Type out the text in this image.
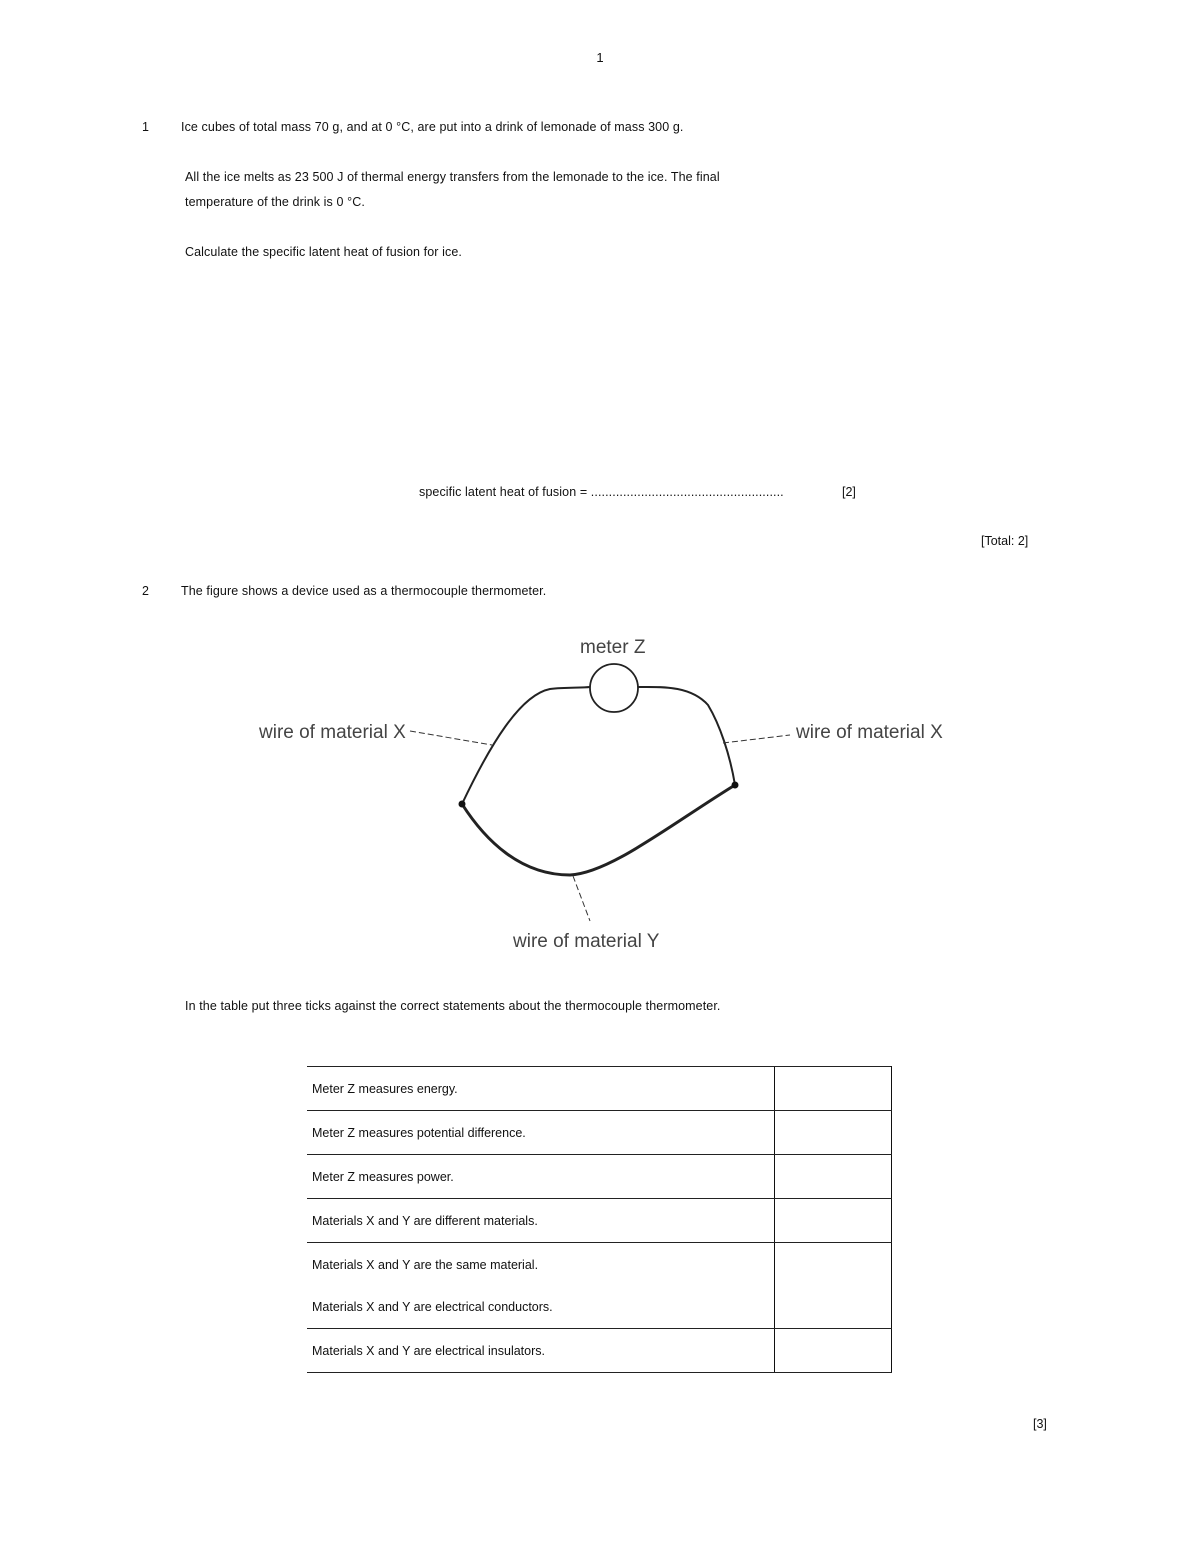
1
1	Ice cubes of total mass 70 g, and at 0 °C, are put into a drink of lemonade of mass 300 g.
All the ice melts as 23 500 J of thermal energy transfers from the lemonade to the ice. The final
temperature of the drink is 0 °C.
Calculate the specific latent heat of fusion for ice.
specific latent heat of fusion = ......................................................	[2]
[Total: 2]
2	The figure shows a device used as a thermocouple thermometer.
meter Z
wire of material X	wire of material X
wire of material Y
In the table put three ticks against the correct statements about the thermocouple thermometer.
Meter Z measures energy.	
Meter Z measures potential difference.	
Meter Z measures power.	
Materials X and Y are different materials.	

Materials X and Y are the same material.
Materials X and Y are electrical conductors.	

Materials X and Y are electrical insulators.	
[3]
